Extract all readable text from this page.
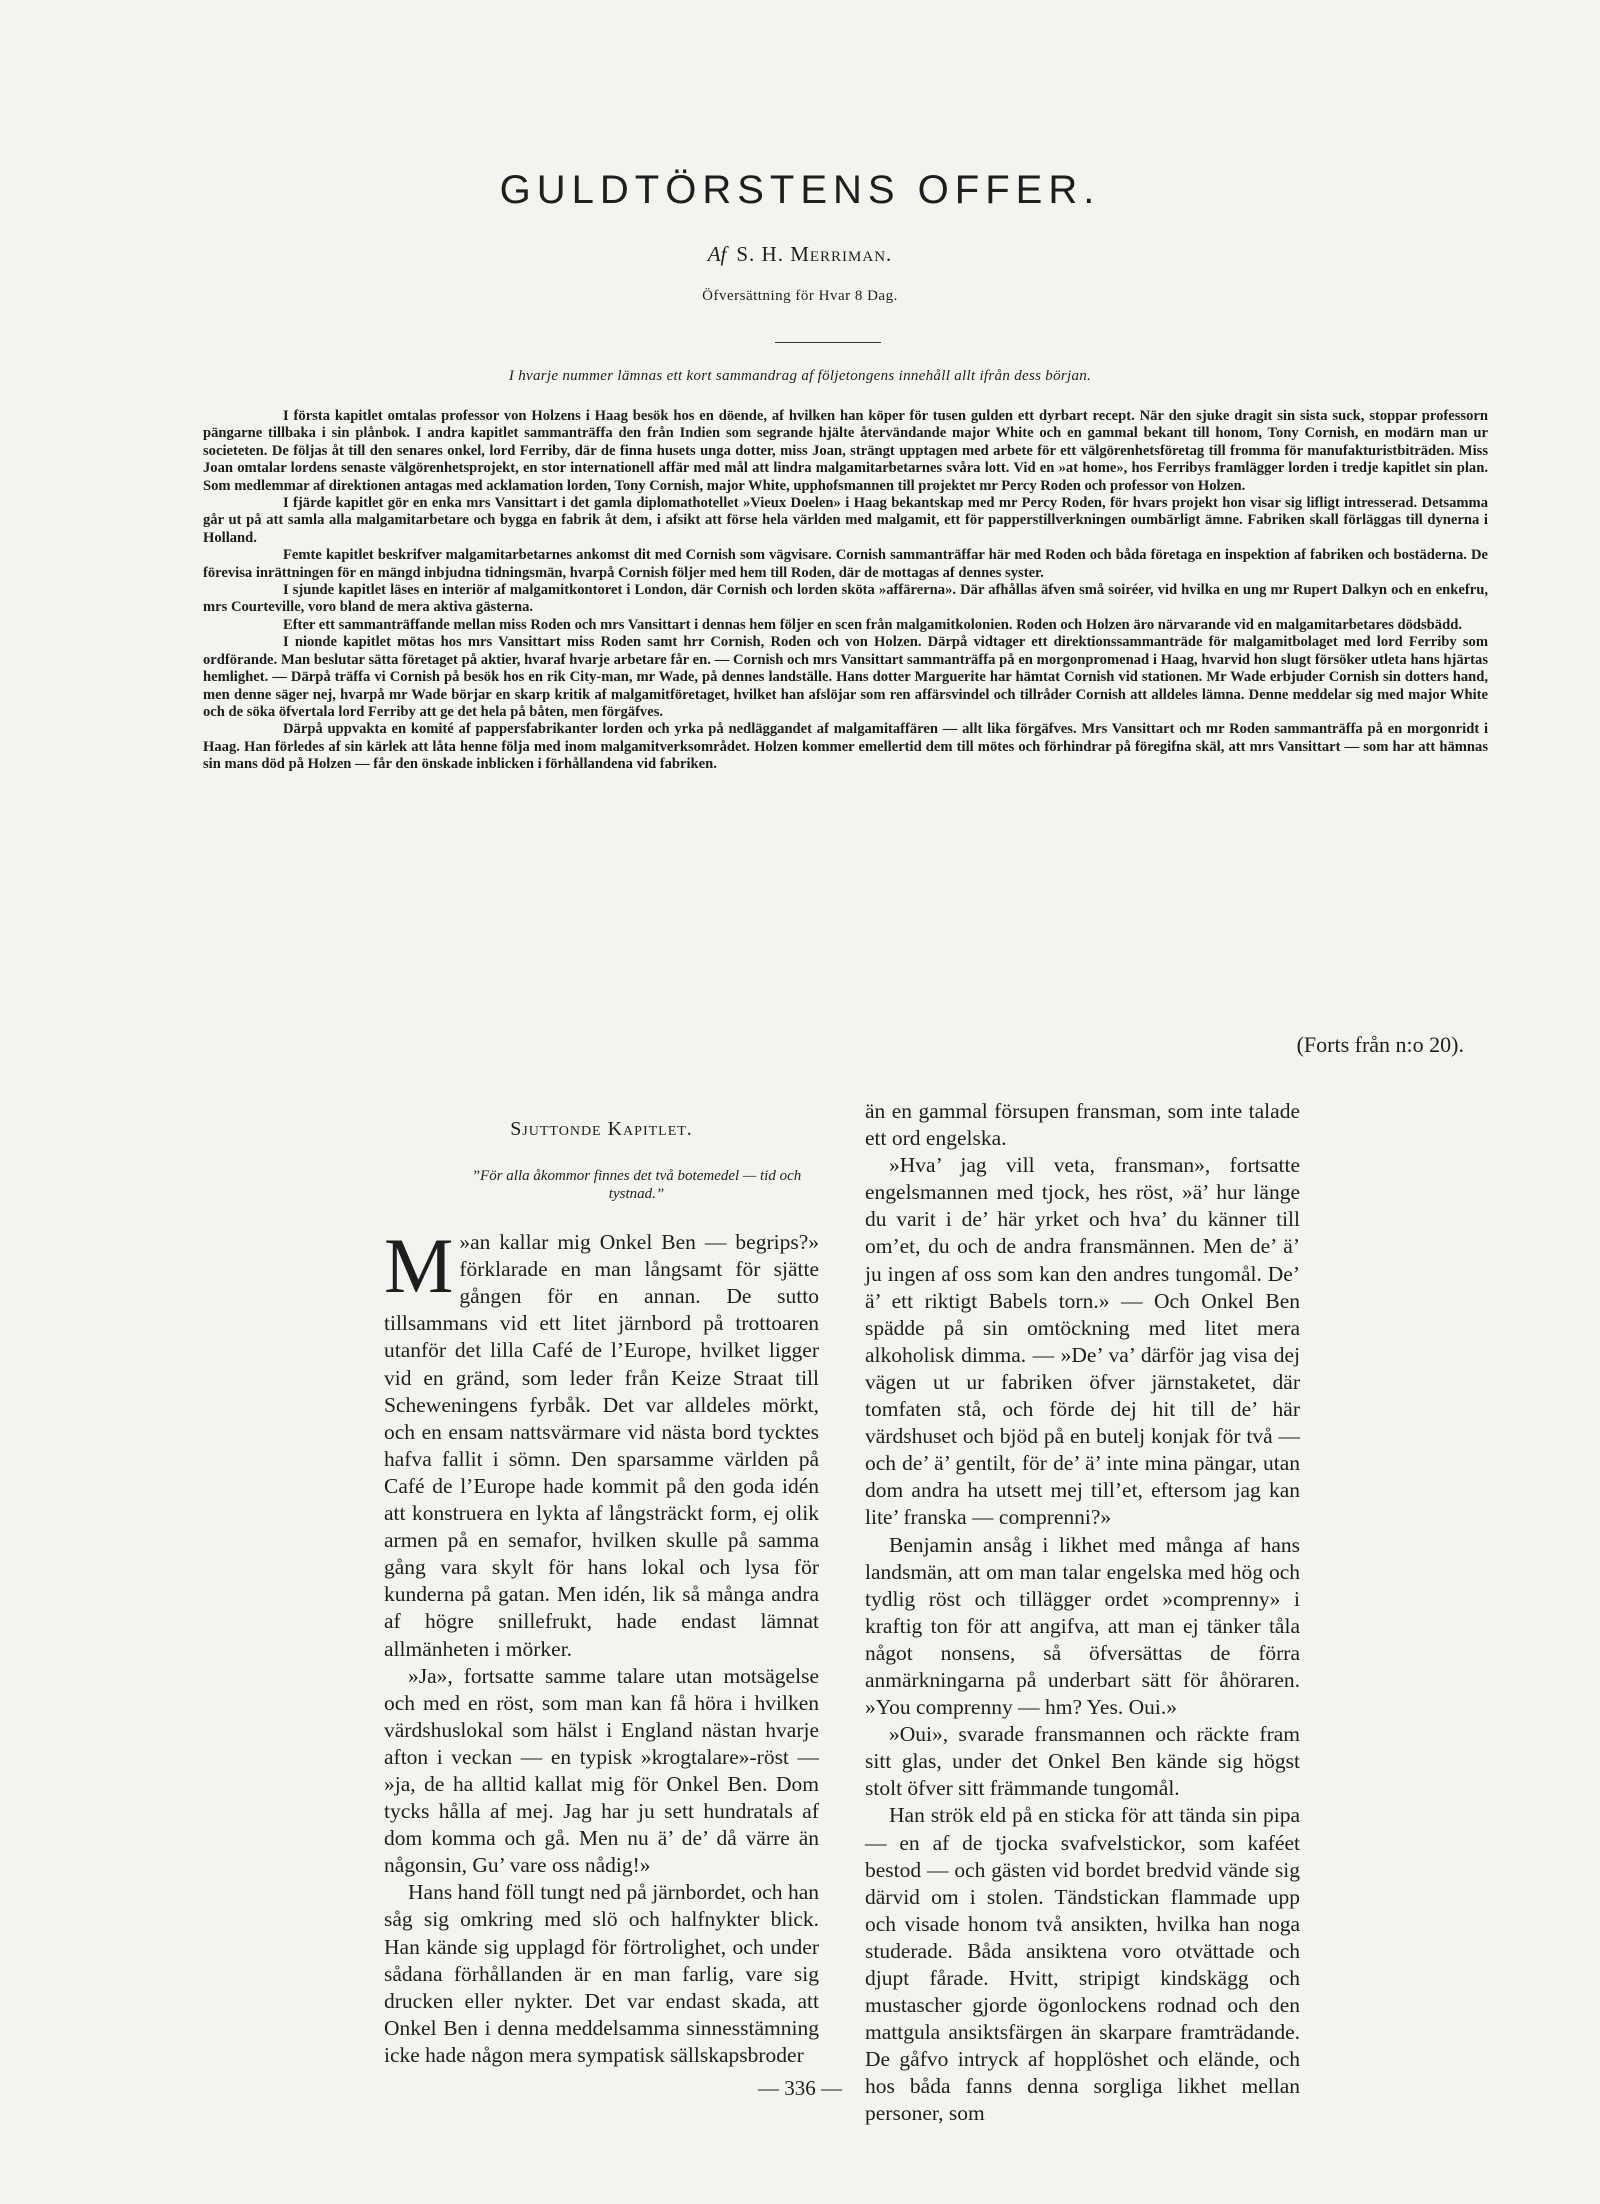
GULDTÖRSTENS OFFER.
Af S. H. Merriman.
Öfversättning för Hvar 8 Dag.
I hvarje nummer lämnas ett kort sammandrag af följetongens innehåll allt ifrån dess början.

I första kapitlet omtalas professor von Holzens i Haag besök hos en döende, af hvilken han köper för tusen gulden ett dyrbart recept. När den sjuke dragit sin sista suck, stoppar professorn pängarne tillbaka i sin plånbok. I andra kapitlet sammanträffa den från Indien som segrande hjälte återvändande major White och en gammal bekant till honom, Tony Cornish, en modärn man ur societeten. De följas åt till den senares onkel, lord Ferriby, där de finna husets unga dotter, miss Joan, strängt upptagen med arbete för ett välgörenhetsföretag till fromma för manufakturistbiträden. Miss Joan omtalar lordens senaste välgörenhetsprojekt, en stor internationell affär med mål att lindra malgamitarbetarnes svåra lott. Vid en »at home», hos Ferribys framlägger lorden i tredje kapitlet sin plan. Som medlemmar af direktionen antagas med acklamation lorden, Tony Cornish, major White, upphofsmannen till projektet mr Percy Roden och professor von Holzen.

I fjärde kapitlet gör en enka mrs Vansittart i det gamla diplomathotellet »Vieux Doelen» i Haag bekantskap med mr Percy Roden, för hvars projekt hon visar sig lifligt intresserad. Detsamma går ut på att samla alla malgamitarbetare och bygga en fabrik åt dem, i afsikt att förse hela världen med malgamit, ett för papperstillverkningen oumbärligt ämne. Fabriken skall förläggas till dynerna i Holland.

Femte kapitlet beskrifver malgamitarbetarnes ankomst dit med Cornish som vägvisare. Cornish sammanträffar här med Roden och båda företaga en inspektion af fabriken och bostäderna. De förevisa inrättningen för en mängd inbjudna tidningsmän, hvarpå Cornish följer med hem till Roden, där de mottagas af dennes syster.

I sjunde kapitlet läses en interiör af malgamitkontoret i London, där Cornish och lorden sköta »affärerna». Där afhållas äfven små soiréer, vid hvilka en ung mr Rupert Dalkyn och en enkefru, mrs Courteville, voro bland de mera aktiva gästerna.

Efter ett sammanträffande mellan miss Roden och mrs Vansittart i dennas hem följer en scen från malgamitkolonien. Roden och Holzen äro närvarande vid en malgamitarbetares dödsbädd.

I nionde kapitlet mötas hos mrs Vansittart miss Roden samt hrr Cornish, Roden och von Holzen. Därpå vidtager ett direktionssammanträde för malgamitbolaget med lord Ferriby som ordförande. Man beslutar sätta företaget på aktier, hvaraf hvarje arbetare får en. — Cornish och mrs Vansittart sammanträffa på en morgonpromenad i Haag, hvarvid hon slugt försöker utleta hans hjärtas hemlighet. — Därpå träffa vi Cornish på besök hos en rik City-man, mr Wade, på dennes landställe. Hans dotter Marguerite har hämtat Cornish vid stationen. Mr Wade erbjuder Cornish sin dotters hand, men denne säger nej, hvarpå mr Wade börjar en skarp kritik af malgamitföretaget, hvilket han afslöjar som ren affärsvindel och tillråder Cornish att alldeles lämna. Denne meddelar sig med major White och de söka öfvertala lord Ferriby att ge det hela på båten, men förgäfves.

Därpå uppvakta en komité af pappersfabrikanter lorden och yrka på nedläggandet af malgamitaffären — allt lika förgäfves. Mrs Vansittart och mr Roden sammanträffa på en morgonridt i Haag. Han förledes af sin kärlek att låta henne följa med inom malgamitverksområdet. Holzen kommer emellertid dem till mötes och förhindrar på föregifna skäl, att mrs Vansittart — som har att hämnas sin mans död på Holzen — får den önskade inblicken i förhållandena vid fabriken.

(Forts från n:o 20).
Sjuttonde Kapitlet.
”För alla åkommor finnes det två botemedel — tid och tystnad.”

»
M an kallar mig Onkel Ben — begrips?» förklarade en man långsamt för sjätte gången för en annan. De sutto tillsammans vid ett litet järnbord på trottoaren utanför det lilla Café de l’Europe, hvilket ligger vid en gränd, som leder från Keize Straat till Scheweningens fyrbåk. Det var alldeles mörkt, och en ensam nattsvärmare vid nästa bord tycktes hafva fallit i sömn. Den sparsamme världen på Café de l’Europe hade kommit på den goda idén att konstruera en lykta af långsträckt form, ej olik armen på en semafor, hvilken skulle på samma gång vara skylt för hans lokal och lysa för kunderna på gatan. Men idén, lik så många andra af högre snillefrukt, hade endast lämnat allmänheten i mörker.

»Ja», fortsatte samme talare utan motsägelse och med en röst, som man kan få höra i hvilken värdshuslokal som hälst i England nästan hvarje afton i veckan — en typisk »krogtalare»-röst — »ja, de ha alltid kallat mig för Onkel Ben. Dom tycks hålla af mej. Jag har ju sett hundratals af dom komma och gå. Men nu ä’ de’ då värre än någonsin, Gu’ vare oss nådig!»

Hans hand föll tungt ned på järnbordet, och han såg sig omkring med slö och halfnykter blick. Han kände sig upplagd för förtrolighet, och under sådana förhållanden är en man farlig, vare sig drucken eller nykter. Det var endast skada, att Onkel Ben i denna meddelsamma sinnesstämning icke hade någon mera sympatisk sällskapsbroder

än en gammal försupen fransman, som inte talade ett ord engelska.

»Hva’ jag vill veta, fransman», fortsatte engelsmannen med tjock, hes röst, »ä’ hur länge du varit i de’ här yrket och hva’ du känner till om’et, du och de andra fransmännen. Men de’ ä’ ju ingen af oss som kan den andres tungomål. De’ ä’ ett riktigt Babels torn.» — Och Onkel Ben spädde på sin omtöckning med litet mera alkoholisk dimma. — »De’ va’ därför jag visa dej vägen ut ur fabriken öfver järnstaketet, där tomfaten stå, och förde dej hit till de’ här värdshuset och bjöd på en butelj konjak för två — och de’ ä’ gentilt, för de’ ä’ inte mina pängar, utan dom andra ha utsett mej till’et, eftersom jag kan lite’ franska — comprenni?»

Benjamin ansåg i likhet med många af hans landsmän, att om man talar engelska med hög och tydlig röst och tillägger ordet »comprenny» i kraftig ton för att angifva, att man ej tänker tåla något nonsens, så öfversättas de förra anmärkningarna på underbart sätt för åhöraren. »You comprenny — hm? Yes. Oui.»

»Oui», svarade fransmannen och räckte fram sitt glas, under det Onkel Ben kände sig högst stolt öfver sitt främmande tungomål.

Han strök eld på en sticka för att tända sin pipa — en af de tjocka svafvelstickor, som kaféet bestod — och gästen vid bordet bredvid vände sig därvid om i stolen. Tändstickan flammade upp och visade honom två ansikten, hvilka han noga studerade. Båda ansiktena voro otvättade och djupt fårade. Hvitt, stripigt kindskägg och mustascher gjorde ögonlockens rodnad och den mattgula ansiktsfärgen än skarpare framträdande. De gåfvo intryck af hopplöshet och elände, och hos båda fanns denna sorgliga likhet mellan personer, som

— 336 —
